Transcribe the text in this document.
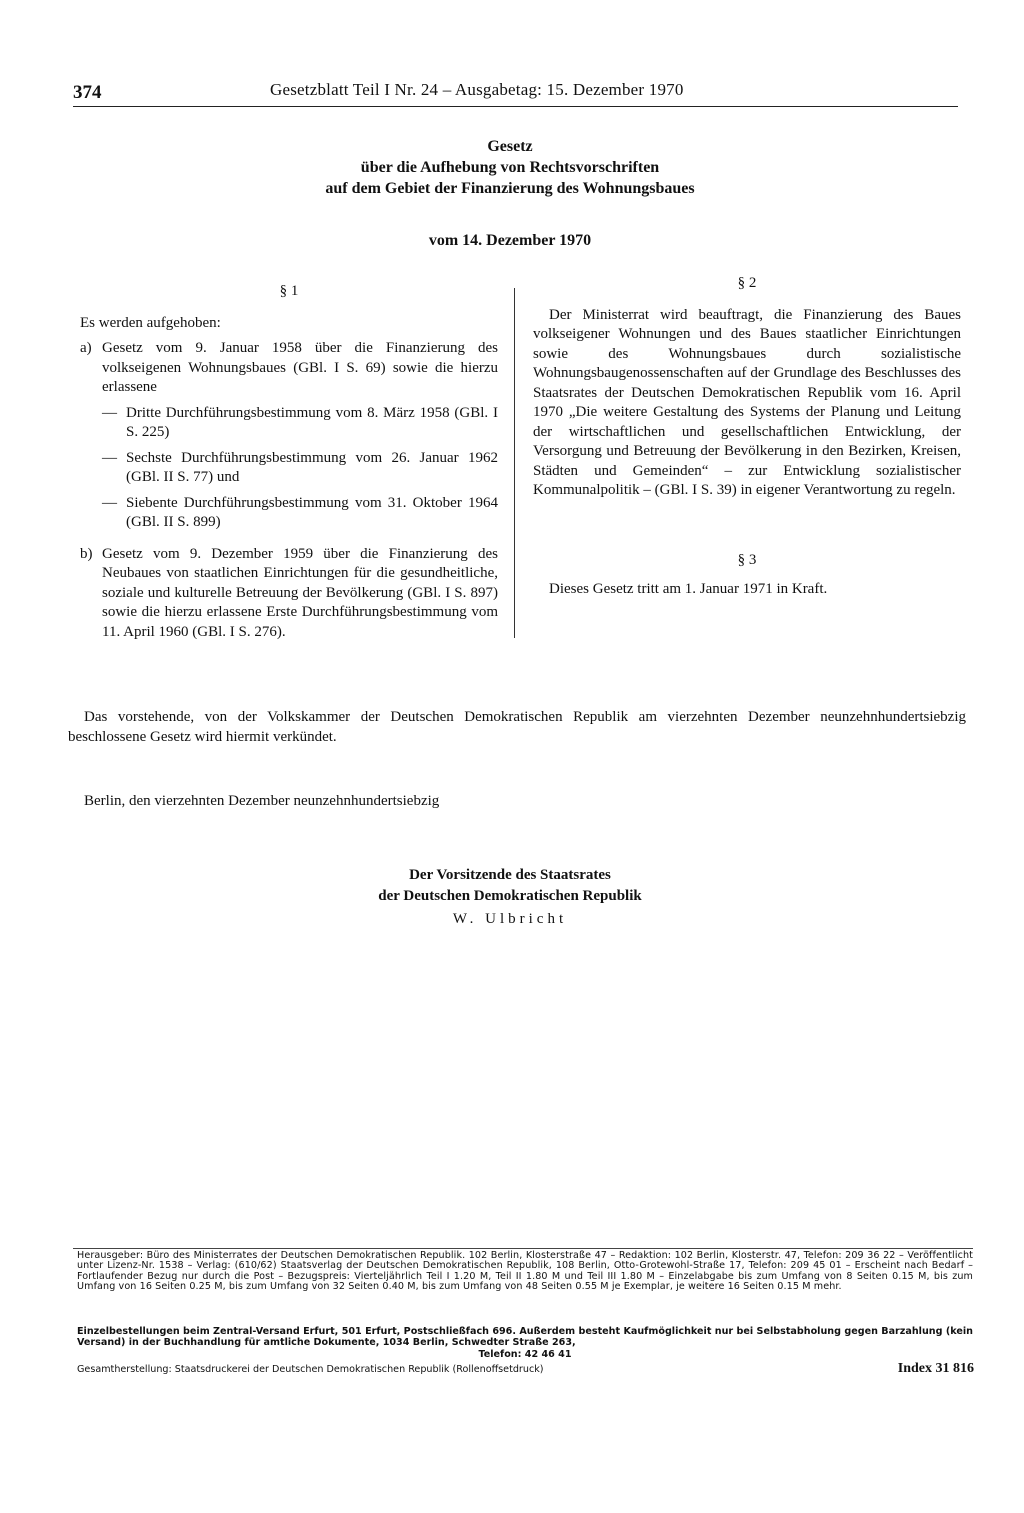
374	Gesetzblatt Teil I Nr. 24 – Ausgabetag: 15. Dezember 1970
Gesetz
über die Aufhebung von Rechtsvorschriften
auf dem Gebiet der Finanzierung des Wohnungsbaues
vom 14. Dezember 1970
§ 1
Es werden aufgehoben:
a) Gesetz vom 9. Januar 1958 über die Finanzierung des volkseigenen Wohnungsbaues (GBl. I S. 69) sowie die hierzu erlassene
— Dritte Durchführungsbestimmung vom 8. März 1958 (GBl. I S. 225)
— Sechste Durchführungsbestimmung vom 26. Januar 1962 (GBl. II S. 77) und
— Siebente Durchführungsbestimmung vom 31. Oktober 1964 (GBl. II S. 899)
b) Gesetz vom 9. Dezember 1959 über die Finanzierung des Neubaues von staatlichen Einrichtungen für die gesundheitliche, soziale und kulturelle Betreuung der Bevölkerung (GBl. I S. 897) sowie die hierzu erlassene Erste Durchführungsbestimmung vom 11. April 1960 (GBl. I S. 276).
§ 2

Der Ministerrat wird beauftragt, die Finanzierung des Baues volkseigener Wohnungen und des Baues staatlicher Einrichtungen sowie des Wohnungsbaues durch sozialistische Wohnungsbaugenossenschaften auf der Grundlage des Beschlusses des Staatsrates der Deutschen Demokratischen Republik vom 16. April 1970 „Die weitere Gestaltung des Systems der Planung und Leitung der wirtschaftlichen und gesellschaftlichen Entwicklung, der Versorgung und Betreuung der Bevölkerung in den Bezirken, Kreisen, Städten und Gemeinden“ – zur Entwicklung sozialistischer Kommunalpolitik – (GBl. I S. 39) in eigener Verantwortung zu regeln.

§ 3

Dieses Gesetz tritt am 1. Januar 1971 in Kraft.

Das vorstehende, von der Volkskammer der Deutschen Demokratischen Republik am vierzehnten Dezember neunzehnhundertsiebzig beschlossene Gesetz wird hiermit verkündet.
Berlin, den vierzehnten Dezember neunzehnhundertsiebzig
Der Vorsitzende des Staatsrates
der Deutschen Demokratischen Republik
W. Ulbricht
Herausgeber: Büro des Ministerrates der Deutschen Demokratischen Republik. 102 Berlin, Klosterstraße 47 – Redaktion: 102 Berlin, Klosterstr. 47, Telefon: 209 36 22 – Veröffentlicht unter Lizenz-Nr. 1538 – Verlag: (610/62) Staatsverlag der Deutschen Demokratischen Republik, 108 Berlin, Otto-Grotewohl-Straße 17, Telefon: 209 45 01 – Erscheint nach Bedarf – Fortlaufender Bezug nur durch die Post – Bezugspreis: Vierteljährlich Teil I 1.20 M, Teil II 1.80 M und Teil III 1.80 M – Einzelabgabe bis zum Umfang von 8 Seiten 0.15 M, bis zum Umfang von 16 Seiten 0.25 M, bis zum Umfang von 32 Seiten 0.40 M, bis zum Umfang von 48 Seiten 0.55 M je Exemplar, je weitere 16 Seiten 0.15 M mehr.
Einzelbestellungen beim Zentral-Versand Erfurt, 501 Erfurt, Postschließfach 696. Außerdem besteht Kaufmöglichkeit nur bei Selbstabholung gegen Barzahlung (kein Versand) in der Buchhandlung für amtliche Dokumente, 1034 Berlin, Schwedter Straße 263,
Telefon: 42 46 41
Gesamtherstellung: Staatsdruckerei der Deutschen Demokratischen Republik (Rollenoffsetdruck)	Index 31 816
